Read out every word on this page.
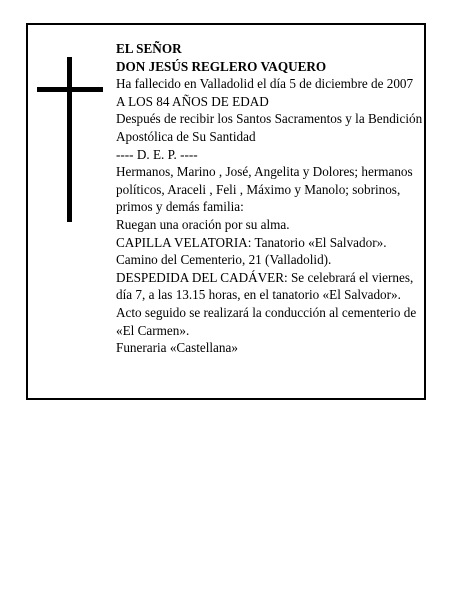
EL SEÑOR

DON JESÚS REGLERO VAQUERO

Ha fallecido en Valladolid el día 5 de diciembre de 2007

A LOS 84 AÑOS DE EDAD

Después de recibir los Santos Sacramentos y la Bendición Apostólica de Su Santidad

---- D. E. P. ----

Hermanos, Marino , José, Angelita y Dolores; hermanos políticos, Araceli , Feli , Máximo y Manolo; sobrinos, primos y demás familia:

Ruegan una oración por su alma.

CAPILLA VELATORIA: Tanatorio «El Salvador». Camino del Cementerio, 21 (Valladolid).

DESPEDIDA DEL CADÁVER: Se celebrará el viernes, día 7, a las 13.15 horas, en el tanatorio «El Salvador». Acto seguido se realizará la conducción al cementerio de «El Carmen».

Funeraria «Castellana»
